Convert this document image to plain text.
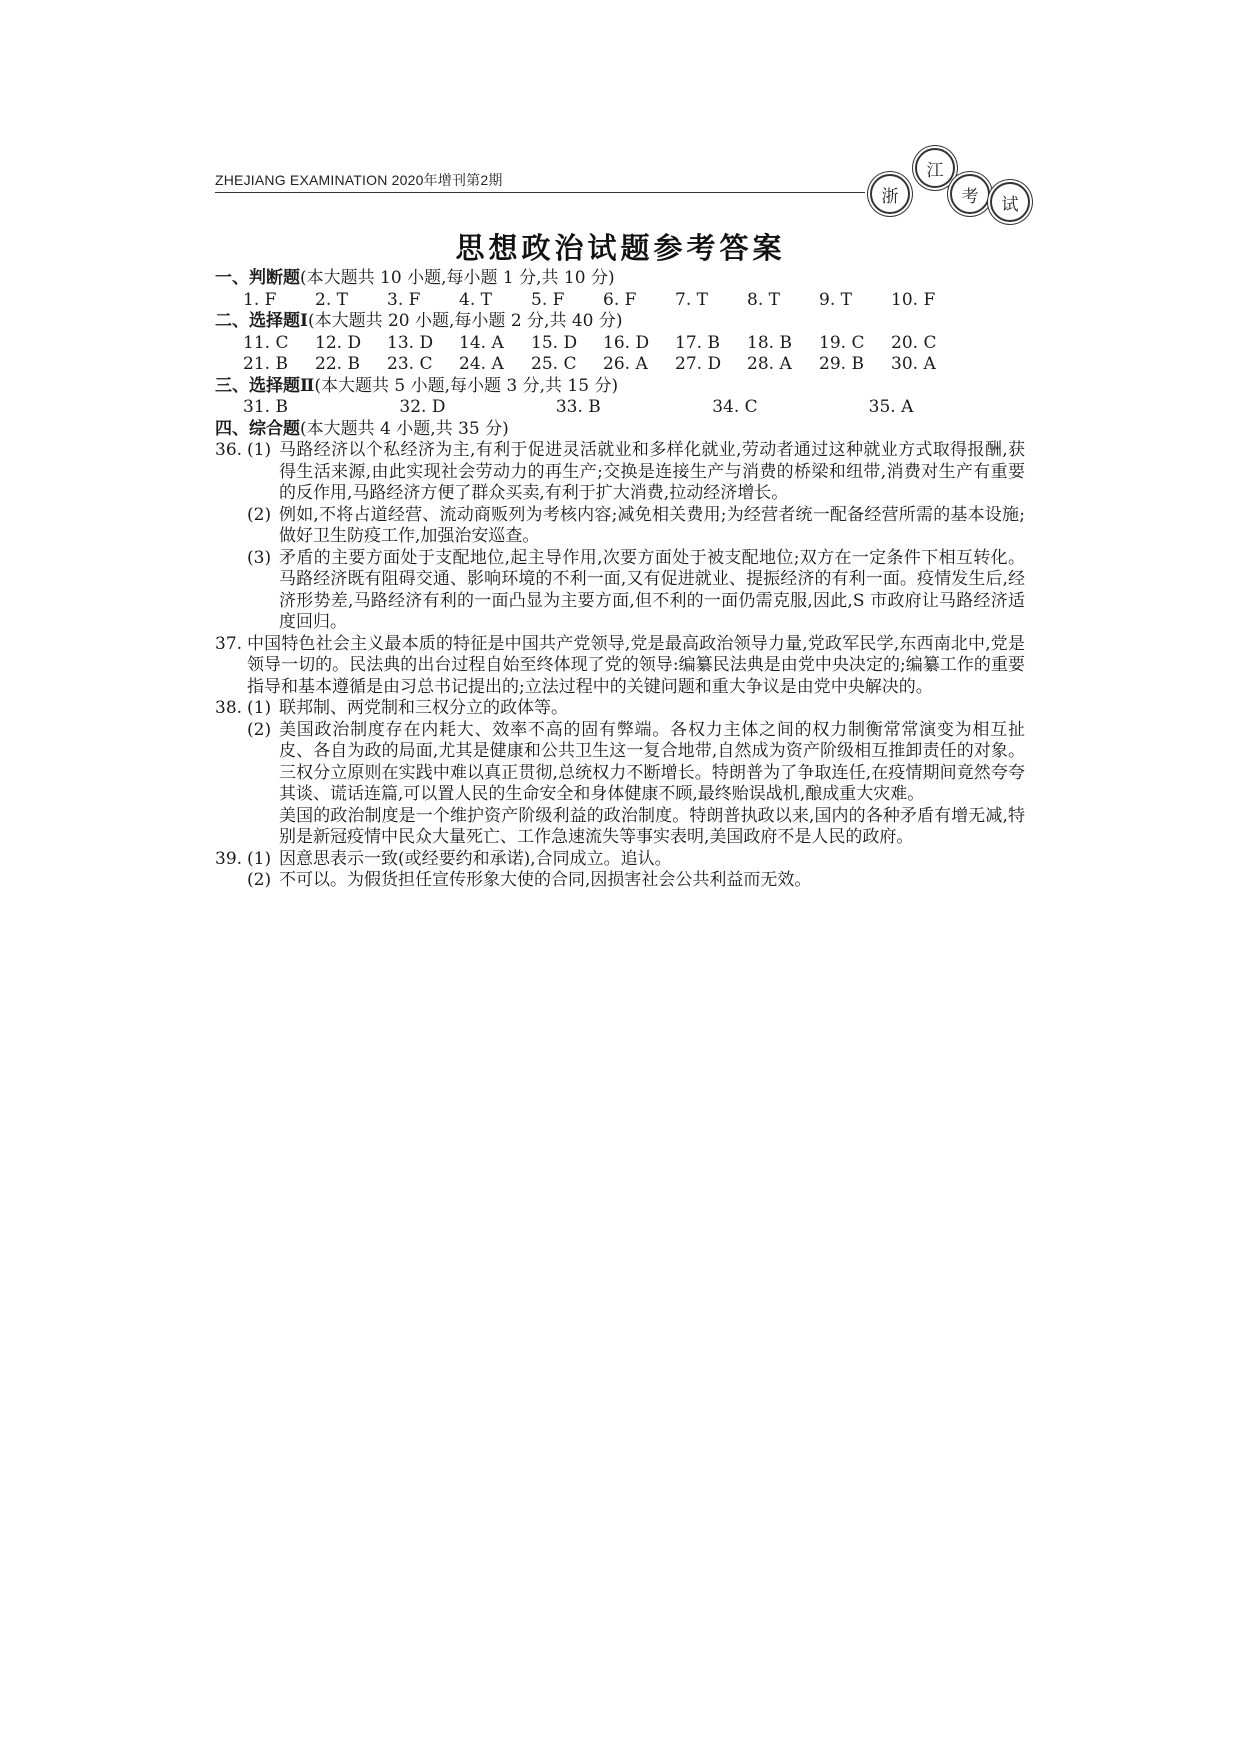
ZHEJIANG EXAMINATION 2020年增刊第2期
浙
江
考	试
思想政治试题参考答案
一、判断题(本大题共 10 小题,每小题 1 分,共 10 分)
1. F	2. T	3. F	4. T	5. F	6. F	7. T	8. T	9. T	10. F
二、选择题Ⅰ(本大题共 20 小题,每小题 2 分,共 40 分)
11. C	12. D	13. D	14. A	15. D	16. D	17. B	18. B	19. C	20. C
21. B	22. B	23. C	24. A	25. C	26. A	27. D	28. A	29. B	30. A
三、选择题Ⅱ(本大题共 5 小题,每小题 3 分,共 15 分)
31. B	32. D	33. B	34. C	35. A
四、综合题(本大题共 4 小题,共 35 分)
36. (1) 马路经济以个私经济为主,有利于促进灵活就业和多样化就业,劳动者通过这种就业方式取得报酬,获得生活来源,由此实现社会劳动力的再生产;交换是连接生产与消费的桥梁和纽带,消费对生产有重要的反作用,马路经济方便了群众买卖,有利于扩大消费,拉动经济增长。
(2) 例如,不将占道经营、流动商贩列为考核内容;减免相关费用;为经营者统一配备经营所需的基本设施;做好卫生防疫工作,加强治安巡查。
(3) 矛盾的主要方面处于支配地位,起主导作用,次要方面处于被支配地位;双方在一定条件下相互转化。马路经济既有阻碍交通、影响环境的不利一面,又有促进就业、提振经济的有利一面。疫情发生后,经济形势差,马路经济有利的一面凸显为主要方面,但不利的一面仍需克服,因此,S 市政府让马路经济适度回归。
37. 中国特色社会主义最本质的特征是中国共产党领导,党是最高政治领导力量,党政军民学,东西南北中,党是领导一切的。民法典的出台过程自始至终体现了党的领导:编纂民法典是由党中央决定的;编纂工作的重要指导和基本遵循是由习总书记提出的;立法过程中的关键问题和重大争议是由党中央解决的。
38. (1) 联邦制、两党制和三权分立的政体等。
(2) 美国政治制度存在内耗大、效率不高的固有弊端。各权力主体之间的权力制衡常常演变为相互扯皮、各自为政的局面,尤其是健康和公共卫生这一复合地带,自然成为资产阶级相互推卸责任的对象。三权分立原则在实践中难以真正贯彻,总统权力不断增长。特朗普为了争取连任,在疫情期间竟然夸夸其谈、谎话连篇,可以置人民的生命安全和身体健康不顾,最终贻误战机,酿成重大灾难。
美国的政治制度是一个维护资产阶级利益的政治制度。特朗普执政以来,国内的各种矛盾有增无减,特别是新冠疫情中民众大量死亡、工作急速流失等事实表明,美国政府不是人民的政府。
39. (1) 因意思表示一致(或经要约和承诺),合同成立。追认。
(2) 不可以。为假货担任宣传形象大使的合同,因损害社会公共利益而无效。
